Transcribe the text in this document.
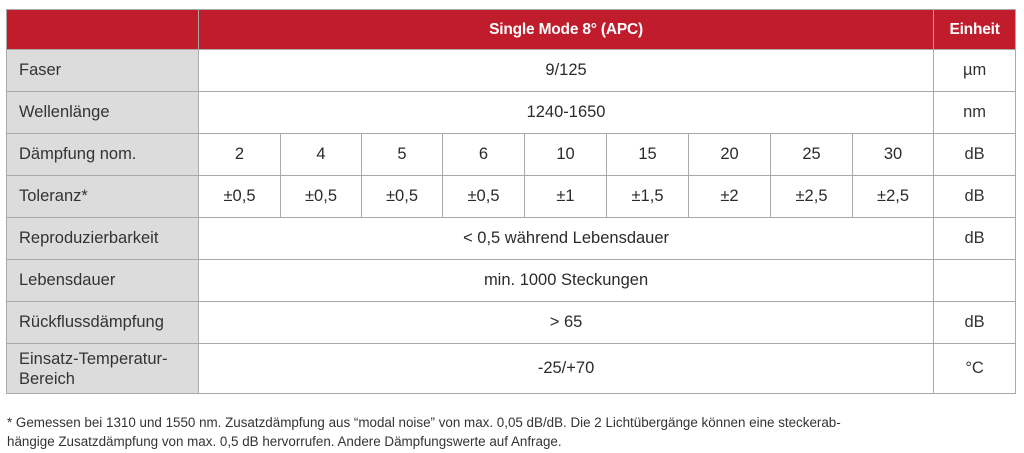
	Single Mode 8° (APC)									Einheit
Faser	9/125									µm
Wellenlänge	1240-1650									nm
Dämpfung nom.	2	4	5	6	10	15	20	25	30	dB
Toleranz*	±0,5	±0,5	±0,5	±0,5	±1	±1,5	±2	±2,5	±2,5	dB
Reproduzierbarkeit	< 0,5 während Lebensdauer									dB
Lebensdauer	min. 1000 Steckungen									
Rückflussdämpfung	> 65									dB
Einsatz-Temperatur-
Bereich	-25/+70									°C
* Gemessen bei 1310 und 1550 nm. Zusatzdämpfung aus “modal noise” von max. 0,05 dB/dB. Die 2 Lichtübergänge können eine steckerab-
hängige Zusatzdämpfung von max. 0,5 dB hervorrufen. Andere Dämpfungswerte auf Anfrage.
